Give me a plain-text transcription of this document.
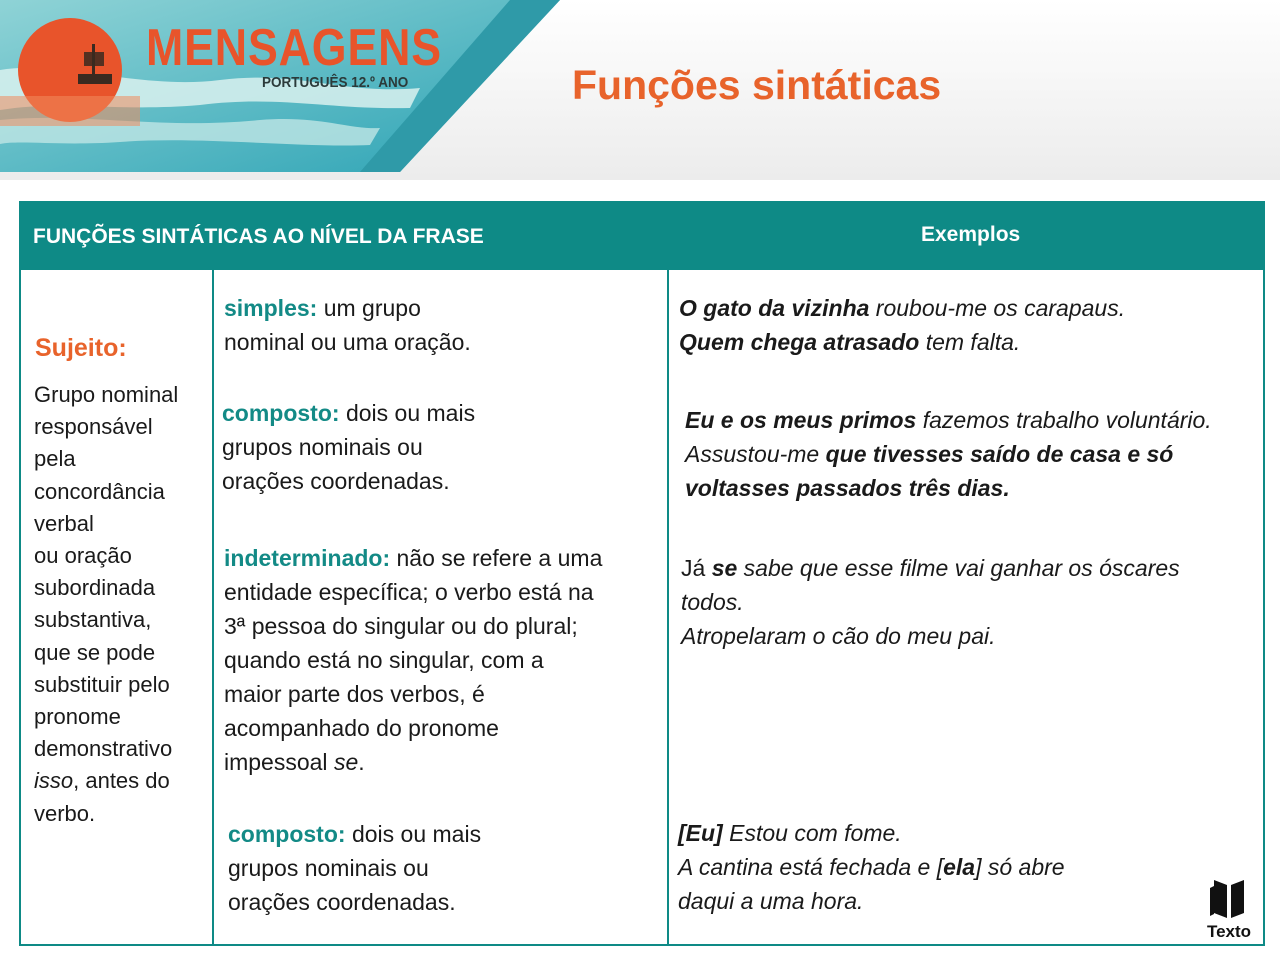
MENSAGENS
PORTUGUÊS 12.º ANO	Funções sintáticas
FUNÇÕES SINTÁTICAS AO NÍVEL DA FRASE	Exemplos
Sujeito:
Grupo nominal
responsável
pela
concordância
verbal
ou oração
subordinada
substantiva,
que se pode
substituir pelo
pronome
demonstrativo
isso, antes do
verbo.
simples: um grupo
nominal ou uma oração.
O gato da vizinha roubou-me os carapaus.
Quem chega atrasado tem falta.
composto: dois ou mais
grupos nominais ou
orações coordenadas.
Eu e os meus primos fazemos trabalho voluntário.
Assustou-me que tivesses saído de casa e só
voltasses passados três dias.
indeterminado: não se refere a uma
entidade específica; o verbo está na
3ª pessoa do singular ou do plural;
quando está no singular, com a
maior parte dos verbos, é
acompanhado do pronome
impessoal se.
Já se sabe que esse filme vai ganhar os óscares
todos.
Atropelaram o cão do meu pai.
composto: dois ou mais
grupos nominais ou
orações coordenadas.
[Eu] Estou com fome.
A cantina está fechada e [ela] só abre
daqui a uma hora.
Texto
